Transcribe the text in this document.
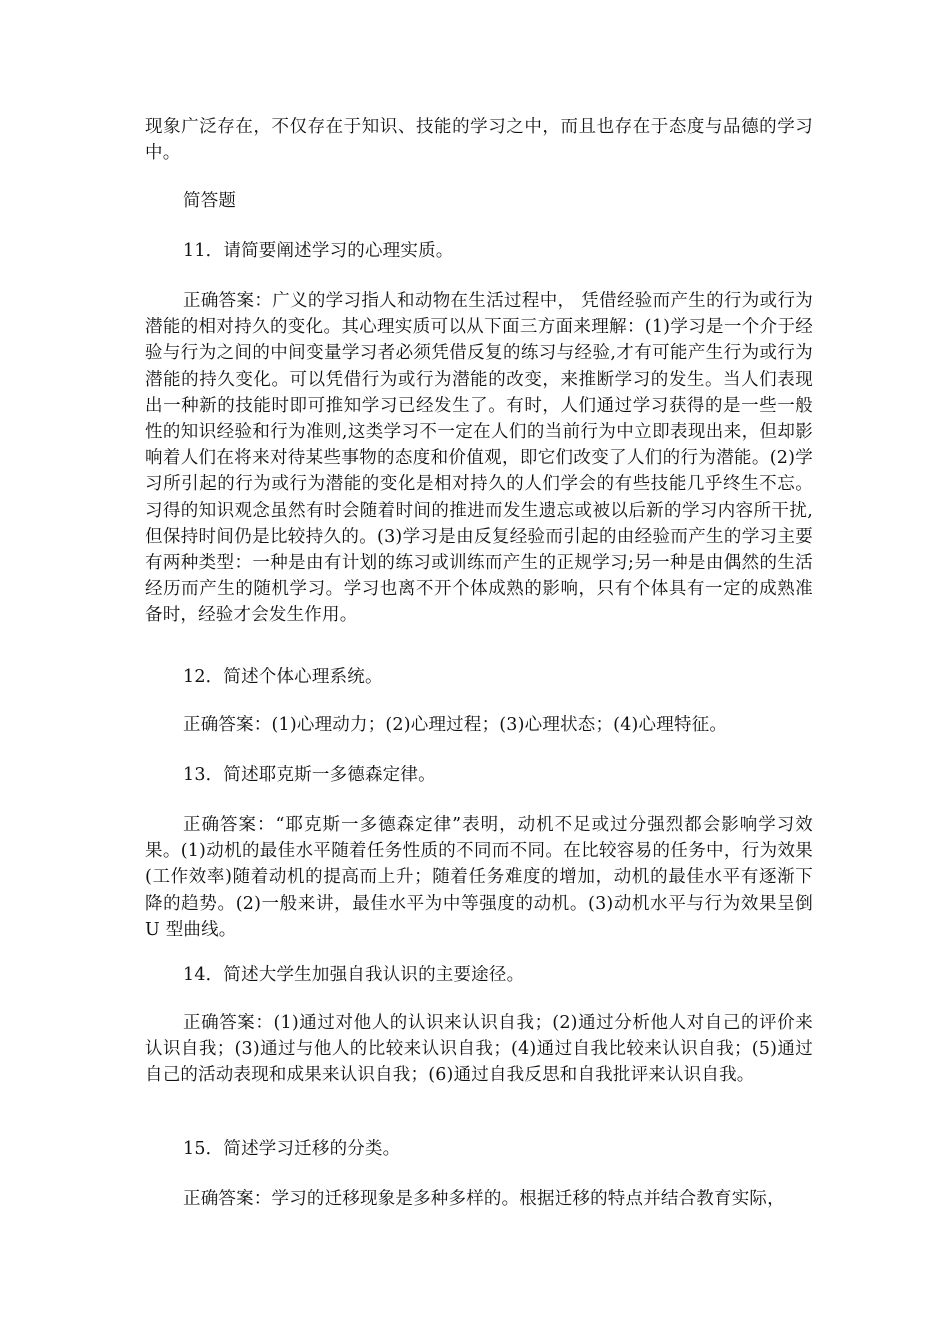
现象广泛存在，不仅存在于知识、技能的学习之中，而且也存在于态度与品德的学习中。

简答题

11．请简要阐述学习的心理实质。

正确答案：广义的学习指人和动物在生活过程中， 凭借经验而产生的行为或行为潜能的相对持久的变化。其心理实质可以从下面三方面来理解：(1)学习是一个介于经验与行为之间的中间变量学习者必须凭借反复的练习与经验,才有可能产生行为或行为潜能的持久变化。可以凭借行为或行为潜能的改变，来推断学习的发生。当人们表现出一种新的技能时即可推知学习已经发生了。有时，人们通过学习获得的是一些一般性的知识经验和行为准则,这类学习不一定在人们的当前行为中立即表现出来，但却影响着人们在将来对待某些事物的态度和价值观，即它们改变了人们的行为潜能。(2)学习所引起的行为或行为潜能的变化是相对持久的人们学会的有些技能几乎终生不忘。习得的知识观念虽然有时会随着时间的推进而发生遗忘或被以后新的学习内容所干扰,但保持时间仍是比较持久的。(3)学习是由反复经验而引起的由经验而产生的学习主要有两种类型：一种是由有计划的练习或训练而产生的正规学习;另一种是由偶然的生活经历而产生的随机学习。学习也离不开个体成熟的影响，只有个体具有一定的成熟准备时，经验才会发生作用。

12．简述个体心理系统。

正确答案：(1)心理动力；(2)心理过程；(3)心理状态；(4)心理特征。

13．简述耶克斯一多德森定律。

正确答案：“耶克斯一多德森定律”表明，动机不足或过分强烈都会影响学习效果。(1)动机的最佳水平随着任务性质的不同而不同。在比较容易的任务中，行为效果(工作效率)随着动机的提高而上升；随着任务难度的增加，动机的最佳水平有逐渐下降的趋势。(2)一般来讲，最佳水平为中等强度的动机。(3)动机水平与行为效果呈倒 U 型曲线。

14．简述大学生加强自我认识的主要途径。

正确答案：(1)通过对他人的认识来认识自我；(2)通过分析他人对自己的评价来认识自我；(3)通过与他人的比较来认识自我；(4)通过自我比较来认识自我；(5)通过自己的活动表现和成果来认识自我；(6)通过自我反思和自我批评来认识自我。

15．简述学习迁移的分类。

正确答案：学习的迁移现象是多种多样的。根据迁移的特点并结合教育实际，
